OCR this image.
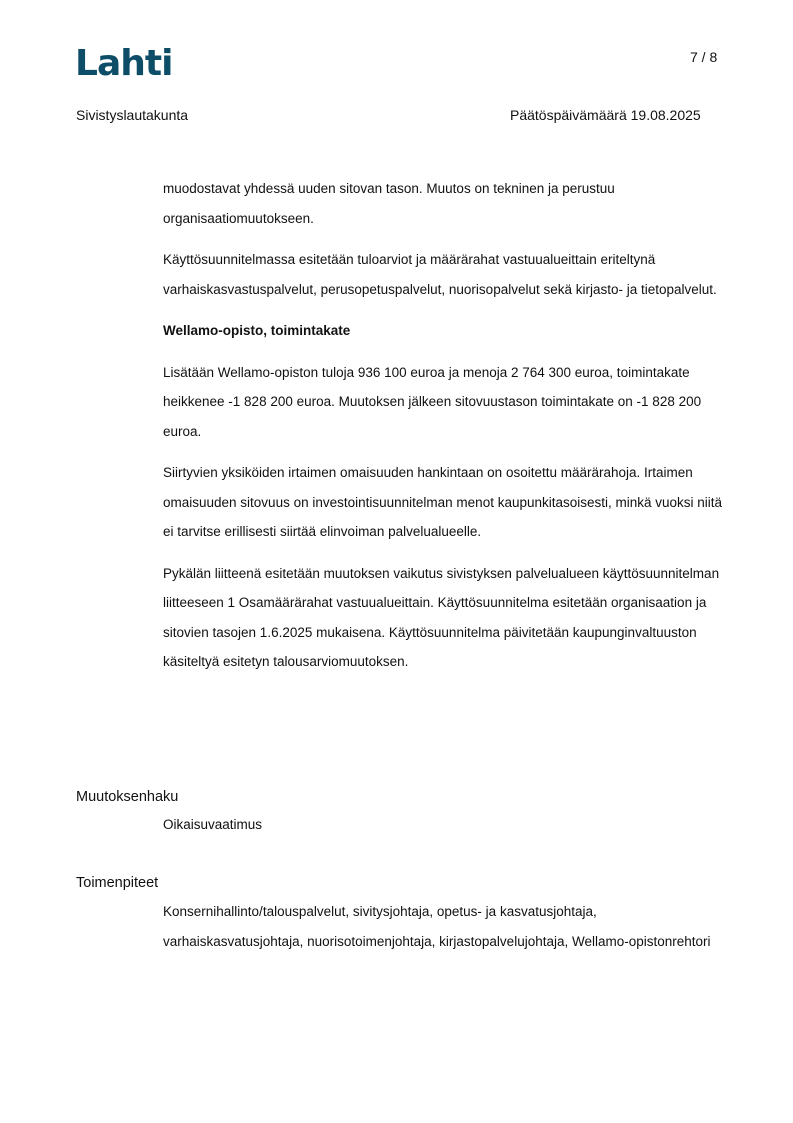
Lahti	7 / 8
Sivistyslautakunta	Päätöspäivämäärä 19.08.2025

muodostavat yhdessä uuden sitovan tason. Muutos on tekninen ja perustuu organisaatiomuutokseen.

Käyttösuunnitelmassa esitetään tuloarviot ja määrärahat vastuualueittain eriteltynä varhaiskasvastuspalvelut, perusopetuspalvelut, nuorisopalvelut sekä kirjasto- ja tietopalvelut.

Wellamo-opisto, toimintakate

Lisätään Wellamo-opiston tuloja 936 100 euroa ja menoja 2 764 300 euroa, toimintakate heikkenee -1 828 200 euroa. Muutoksen jälkeen sitovuustason toimintakate on -1 828 200 euroa.

Siirtyvien yksiköiden irtaimen omaisuuden hankintaan on osoitettu määrärahoja. Irtaimen omaisuuden sitovuus on investointisuunnitelman menot kaupunkitasoisesti, minkä vuoksi niitä ei tarvitse erillisesti siirtää elinvoiman palvelualueelle.

Pykälän liitteenä esitetään muutoksen vaikutus sivistyksen palvelualueen käyttösuunnitelman liitteeseen 1 Osamäärärahat vastuualueittain. Käyttösuunnitelma esitetään organisaation ja sitovien tasojen 1.6.2025 mukaisena. Käyttösuunnitelma päivitetään kaupunginvaltuuston käsiteltyä esitetyn talousarviomuutoksen.

Muutoksenhaku

Oikaisuvaatimus

Toimenpiteet

Konsernihallinto/talouspalvelut, sivitysjohtaja, opetus- ja kasvatusjohtaja, varhaiskasvatusjohtaja, nuorisotoimenjohtaja, kirjastopalvelujohtaja, Wellamo-opistonrehtori
